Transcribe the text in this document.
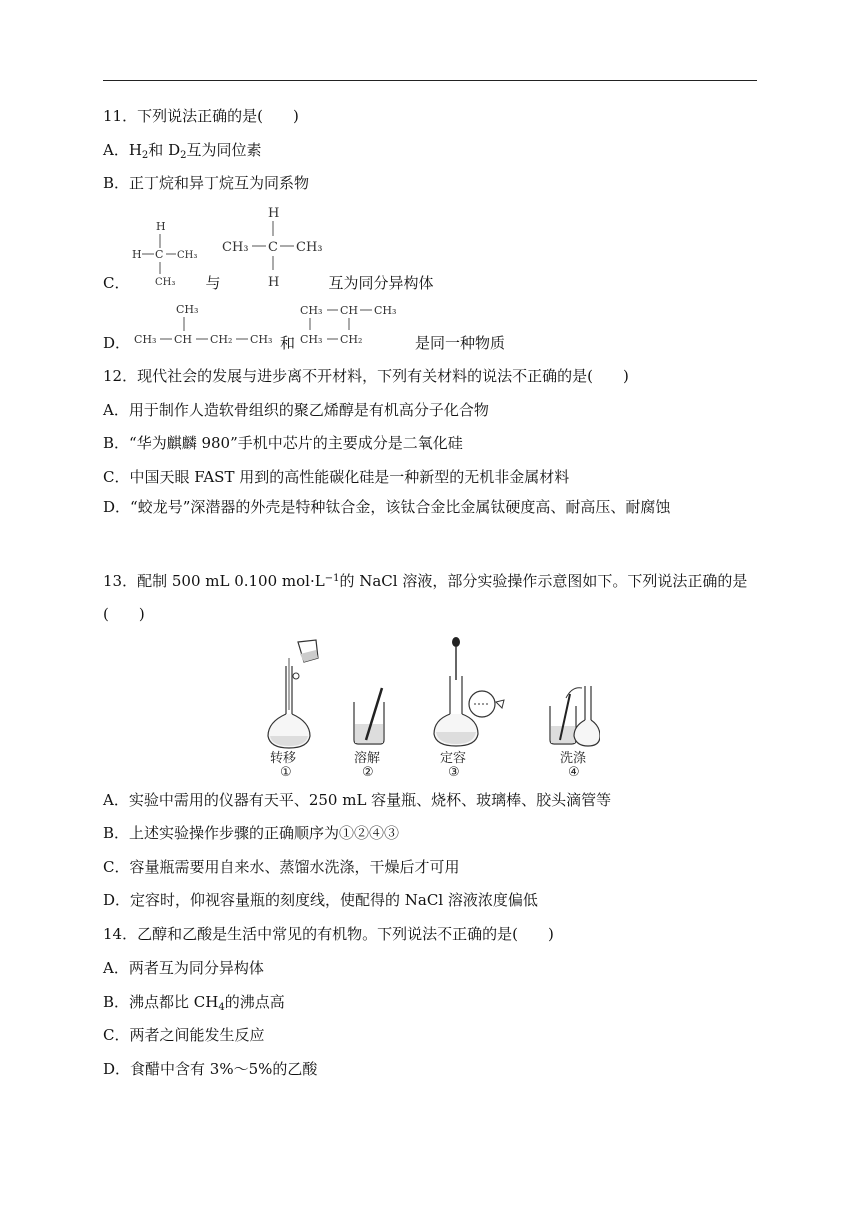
11．下列说法正确的是(　　)
A．$H_2$和 $D_2$互为同位素
B．正丁烷和异丁烷互为同系物
H
H C CH₃
CH₃
C．	与	互为同分异构体
H
CH₃ C CH₃
H
D．	和	是同一种物质
CH₃
CH₃ CH CH₂ CH₃
CH₃ CH CH₃
CH₃ CH₂
12．现代社会的发展与进步离不开材料，下列有关材料的说法不正确的是(　　)
A．用于制作人造软骨组织的聚乙烯醇是有机高分子化合物
B．“华为麒麟 980”手机中芯片的主要成分是二氧化硅
C．中国天眼 FAST 用到的高性能碳化硅是一种新型的无机非金属材料
D．“蛟龙号”深潜器的外壳是特种钛合金，该钛合金比金属钛硬度高、耐高压、耐腐蚀
13．配制 500 mL 0.100 $mol\cdot L^{-1}$的 NaCl 溶液，部分实验操作示意图如下。下列说法正确的是(　　)
转移
①
溶解
②
定容
③
洗涤
④
A．实验中需用的仪器有天平、250 mL 容量瓶、烧杯、玻璃棒、胶头滴管等
B．上述实验操作步骤的正确顺序为①②④③
C．容量瓶需要用自来水、蒸馏水洗涤，干燥后才可用
D．定容时，仰视容量瓶的刻度线，使配得的 NaCl 溶液浓度偏低
14．乙醇和乙酸是生活中常见的有机物。下列说法不正确的是(　　)
A．两者互为同分异构体
B．沸点都比 $CH_4$的沸点高
C．两者之间能发生反应
D．食醋中含有 3%～5%的乙酸
